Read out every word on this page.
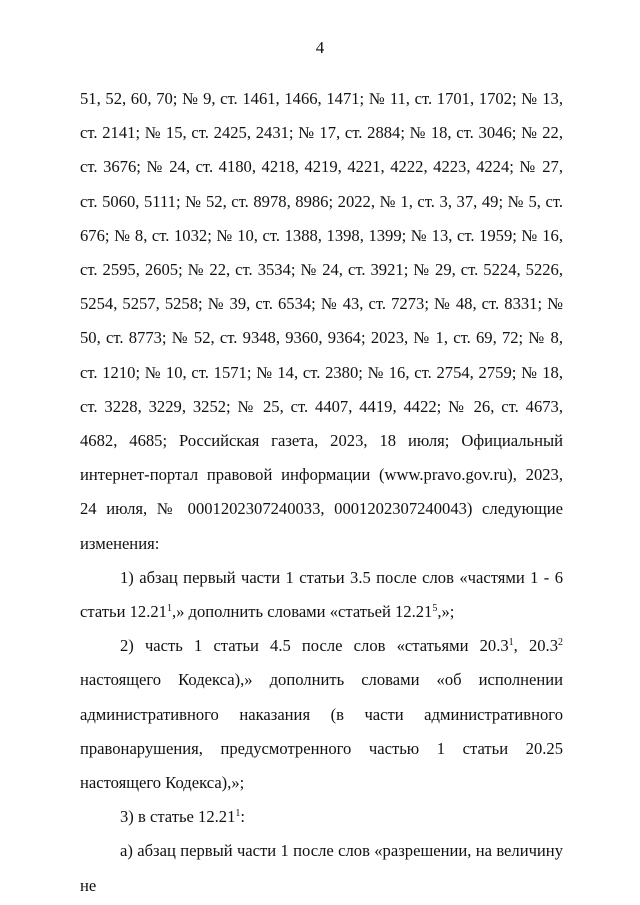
4

51, 52, 60, 70; № 9, ст. 1461, 1466, 1471; № 11, ст. 1701, 1702; № 13, ст. 2141; № 15, ст. 2425, 2431; № 17, ст. 2884; № 18, ст. 3046; № 22, ст. 3676; № 24, ст. 4180, 4218, 4219, 4221, 4222, 4223, 4224; № 27, ст. 5060, 5111; № 52, ст. 8978, 8986; 2022, № 1, ст. 3, 37, 49; № 5, ст. 676; № 8, ст. 1032; № 10, ст. 1388, 1398, 1399; № 13, ст. 1959; № 16, ст. 2595, 2605; № 22, ст. 3534; № 24, ст. 3921; № 29, ст. 5224, 5226, 5254, 5257, 5258; № 39, ст. 6534; № 43, ст. 7273; № 48, ст. 8331; № 50, ст. 8773; № 52, ст. 9348, 9360, 9364; 2023, № 1, ст. 69, 72; № 8, ст. 1210; № 10, ст. 1571; № 14, ст. 2380; № 16, ст. 2754, 2759; № 18, ст. 3228, 3229, 3252; № 25, ст. 4407, 4419, 4422; № 26, ст. 4673, 4682, 4685; Российская газета, 2023, 18 июля; Официальный интернет-портал правовой информации (www.pravo.gov.ru), 2023, 24 июля, № 0001202307240033, 0001202307240043) следующие изменения:

1) абзац первый части 1 статьи 3.5 после слов «частями 1 - 6 статьи 12.21$^1$,» дополнить словами «статьей 12.21$^5$,»;

2) часть 1 статьи 4.5 после слов «статьями 20.3$^1$, 20.3$^2$ настоящего Кодекса),» дополнить словами «об исполнении административного наказания (в части административного правонарушения, предусмотренного частью 1 статьи 20.25 настоящего Кодекса),»;

3) в статье 12.21$^1$:

а) абзац первый части 1 после слов «разрешении, на величину не
